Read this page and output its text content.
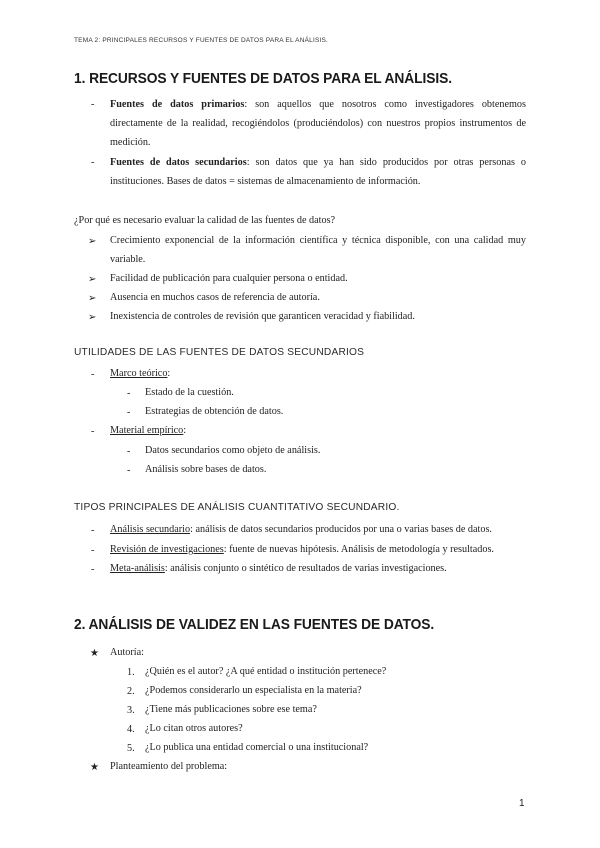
TEMA 2: PRINCIPALES RECURSOS Y FUENTES DE DATOS PARA EL ANÁLISIS.
1. RECURSOS Y FUENTES DE DATOS PARA EL ANÁLISIS.
- Fuentes de datos primarios: son aquellos que nosotros como investigadores obtenemos directamente de la realidad, recogiéndolos (produciéndolos) con nuestros propios instrumentos de medición.
- Fuentes de datos secundarios: son datos que ya han sido producidos por otras personas o instituciones. Bases de datos = sistemas de almacenamiento de información.
¿Por qué es necesario evaluar la calidad de las fuentes de datos?
➢ Crecimiento exponencial de la información científica y técnica disponible, con una calidad muy variable.
➢ Facilidad de publicación para cualquier persona o entidad.
➢ Ausencia en muchos casos de referencia de autoría.
➢ Inexistencia de controles de revisión que garanticen veracidad y fiabilidad.
UTILIDADES DE LAS FUENTES DE DATOS SECUNDARIOS
- Marco teórico:
- Estado de la cuestión.
- Estrategias de obtención de datos.
- Material empírico:
- Datos secundarios como objeto de análisis.
- Análisis sobre bases de datos.
TIPOS PRINCIPALES DE ANÁLISIS CUANTITATIVO SECUNDARIO.
- Análisis secundario: análisis de datos secundarios producidos por una o varias bases de datos.
- Revisión de investigaciones: fuente de nuevas hipótesis. Análisis de metodología y resultados.
- Meta-análisis: análisis conjunto o sintético de resultados de varias investigaciones.
2. ANÁLISIS DE VALIDEZ EN LAS FUENTES DE DATOS.
★ Autoría:
1. ¿Quién es el autor? ¿A qué entidad o institución pertenece?
2. ¿Podemos considerarlo un especialista en la materia?
3. ¿Tiene más publicaciones sobre ese tema?
4. ¿Lo citan otros autores?
5. ¿Lo publica una entidad comercial o una institucional?
★ Planteamiento del problema:
1
